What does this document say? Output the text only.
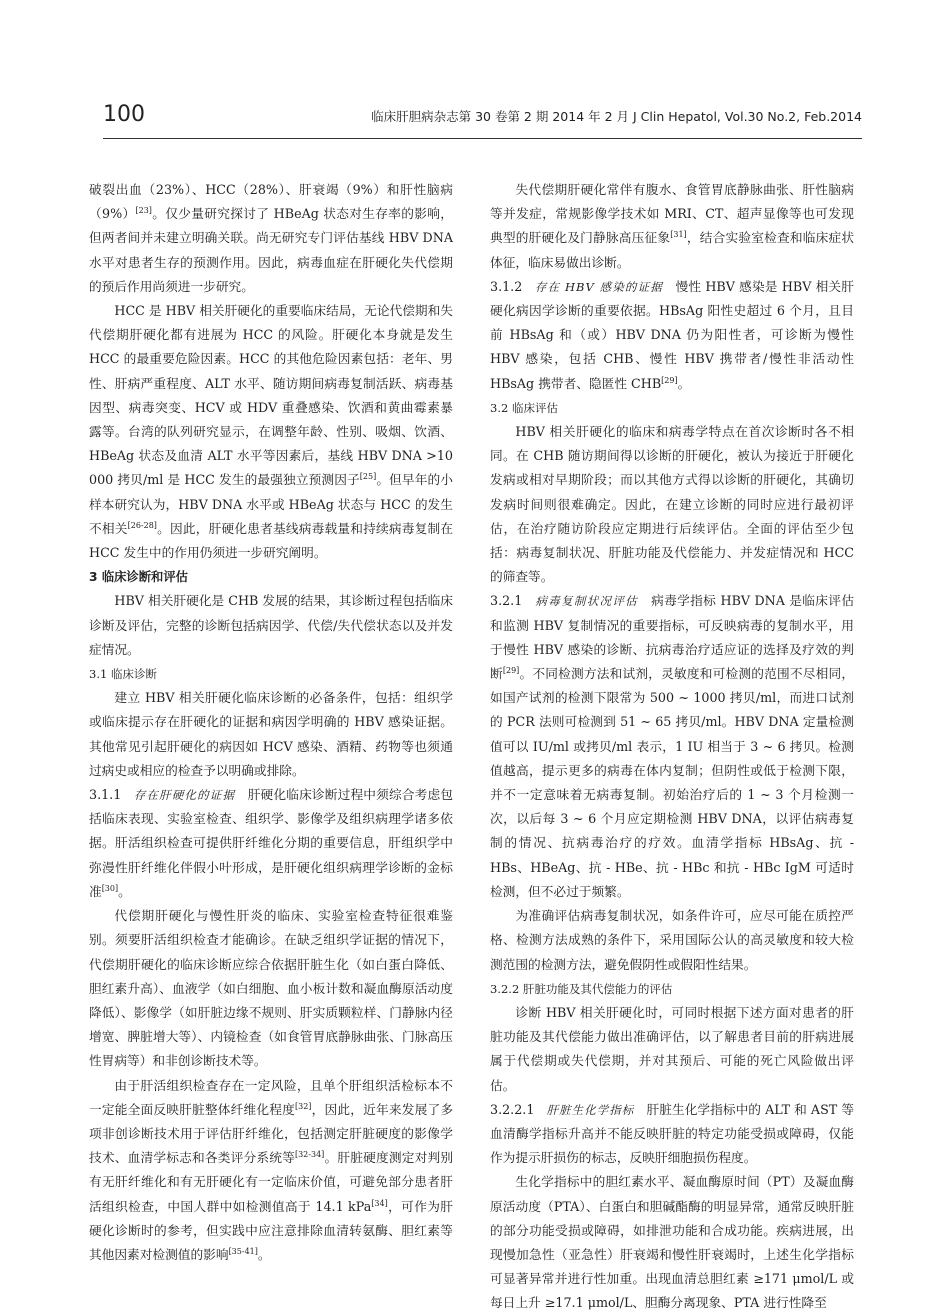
100	临床肝胆病杂志第 30 卷第 2 期 2014 年 2 月 J Clin Hepatol, Vol.30 No.2, Feb.2014

破裂出血（23%）、HCC（28%）、肝衰竭（9%）和肝性脑病（9%）[23]。仅少量研究探讨了 HBeAg 状态对生存率的影响，但两者间并未建立明确关联。尚无研究专门评估基线 HBV DNA 水平对患者生存的预测作用。因此，病毒血症在肝硬化失代偿期的预后作用尚须进一步研究。

HCC 是 HBV 相关肝硬化的重要临床结局，无论代偿期和失代偿期肝硬化都有进展为 HCC 的风险。肝硬化本身就是发生 HCC 的最重要危险因素。HCC 的其他危险因素包括：老年、男性、肝病严重程度、ALT 水平、随访期间病毒复制活跃、病毒基因型、病毒突变、HCV 或 HDV 重叠感染、饮酒和黄曲霉素暴露等。台湾的队列研究显示，在调整年龄、性别、吸烟、饮酒、HBeAg 状态及血清 ALT 水平等因素后，基线 HBV DNA >10 000 拷贝/ml 是 HCC 发生的最强独立预测因子[25]。但早年的小样本研究认为，HBV DNA 水平或 HBeAg 状态与 HCC 的发生不相关[26-28]。因此，肝硬化患者基线病毒载量和持续病毒复制在 HCC 发生中的作用仍须进一步研究阐明。

3 临床诊断和评估

HBV 相关肝硬化是 CHB 发展的结果，其诊断过程包括临床诊断及评估，完整的诊断包括病因学、代偿/失代偿状态以及并发症情况。

3.1 临床诊断

建立 HBV 相关肝硬化临床诊断的必备条件，包括：组织学或临床提示存在肝硬化的证据和病因学明确的 HBV 感染证据。其他常见引起肝硬化的病因如 HCV 感染、酒精、药物等也须通过病史或相应的检查予以明确或排除。

3.1.1 存在肝硬化的证据 肝硬化临床诊断过程中须综合考虑包括临床表现、实验室检查、组织学、影像学及组织病理学诸多依据。肝活组织检查可提供肝纤维化分期的重要信息，肝组织学中弥漫性肝纤维化伴假小叶形成，是肝硬化组织病理学诊断的金标准[30]。

代偿期肝硬化与慢性肝炎的临床、实验室检查特征很难鉴别。须要肝活组织检查才能确诊。在缺乏组织学证据的情况下，代偿期肝硬化的临床诊断应综合依据肝脏生化（如白蛋白降低、胆红素升高）、血液学（如白细胞、血小板计数和凝血酶原活动度降低）、影像学（如肝脏边缘不规则、肝实质颗粒样、门静脉内径增宽、脾脏增大等）、内镜检查（如食管胃底静脉曲张、门脉高压性胃病等）和非创诊断技术等。

由于肝活组织检查存在一定风险，且单个肝组织活检标本不一定能全面反映肝脏整体纤维化程度[32]，因此，近年来发展了多项非创诊断技术用于评估肝纤维化，包括测定肝脏硬度的影像学技术、血清学标志和各类评分系统等[32-34]。肝脏硬度测定对判别有无肝纤维化和有无肝硬化有一定临床价值，可避免部分患者肝活组织检查，中国人群中如检测值高于 14.1 kPa[34]，可作为肝硬化诊断时的参考，但实践中应注意排除血清转氨酶、胆红素等其他因素对检测值的影响[35-41]。

失代偿期肝硬化常伴有腹水、食管胃底静脉曲张、肝性脑病等并发症，常规影像学技术如 MRI、CT、超声显像等也可发现典型的肝硬化及门静脉高压征象[31]，结合实验室检查和临床症状体征，临床易做出诊断。

3.1.2 存在 HBV 感染的证据 慢性 HBV 感染是 HBV 相关肝硬化病因学诊断的重要依据。HBsAg 阳性史超过 6 个月，且目前 HBsAg 和（或）HBV DNA 仍为阳性者，可诊断为慢性 HBV 感染，包括 CHB、慢性 HBV 携带者/慢性非活动性 HBsAg 携带者、隐匿性 CHB[29]。

3.2 临床评估

HBV 相关肝硬化的临床和病毒学特点在首次诊断时各不相同。在 CHB 随访期间得以诊断的肝硬化，被认为接近于肝硬化发病或相对早期阶段；而以其他方式得以诊断的肝硬化，其确切发病时间则很难确定。因此，在建立诊断的同时应进行最初评估，在治疗随访阶段应定期进行后续评估。全面的评估至少包括：病毒复制状况、肝脏功能及代偿能力、并发症情况和 HCC 的筛查等。

3.2.1 病毒复制状况评估 病毒学指标 HBV DNA 是临床评估和监测 HBV 复制情况的重要指标，可反映病毒的复制水平，用于慢性 HBV 感染的诊断、抗病毒治疗适应证的选择及疗效的判断[29]。不同检测方法和试剂，灵敏度和可检测的范围不尽相同，如国产试剂的检测下限常为 500 ~ 1000 拷贝/ml，而进口试剂的 PCR 法则可检测到 51 ~ 65 拷贝/ml。HBV DNA 定量检测值可以 IU/ml 或拷贝/ml 表示，1 IU 相当于 3 ~ 6 拷贝。检测值越高，提示更多的病毒在体内复制；但阴性或低于检测下限，并不一定意味着无病毒复制。初始治疗后的 1 ~ 3 个月检测一次，以后每 3 ~ 6 个月应定期检测 HBV DNA，以评估病毒复制的情况、抗病毒治疗的疗效。血清学指标 HBsAg、抗 - HBs、HBeAg、抗 - HBe、抗 - HBc 和抗 - HBc IgM 可适时检测，但不必过于频繁。

为准确评估病毒复制状况，如条件许可，应尽可能在质控严格、检测方法成熟的条件下，采用国际公认的高灵敏度和较大检测范围的检测方法，避免假阴性或假阳性结果。

3.2.2 肝脏功能及其代偿能力的评估

诊断 HBV 相关肝硬化时，可同时根据下述方面对患者的肝脏功能及其代偿能力做出准确评估，以了解患者目前的肝病进展属于代偿期或失代偿期，并对其预后、可能的死亡风险做出评估。

3.2.2.1 肝脏生化学指标 肝脏生化学指标中的 ALT 和 AST 等血清酶学指标升高并不能反映肝脏的特定功能受损或障碍，仅能作为提示肝损伤的标志，反映肝细胞损伤程度。

生化学指标中的胆红素水平、凝血酶原时间（PT）及凝血酶原活动度（PTA）、白蛋白和胆碱酯酶的明显异常，通常反映肝脏的部分功能受损或障碍，如排泄功能和合成功能。疾病进展，出现慢加急性（亚急性）肝衰竭和慢性肝衰竭时，上述生化学指标可显著异常并进行性加重。出现血清总胆红素 ≥171 μmol/L 或每日上升 ≥17.1 μmol/L、胆酶分离现象、PTA 进行性降至
